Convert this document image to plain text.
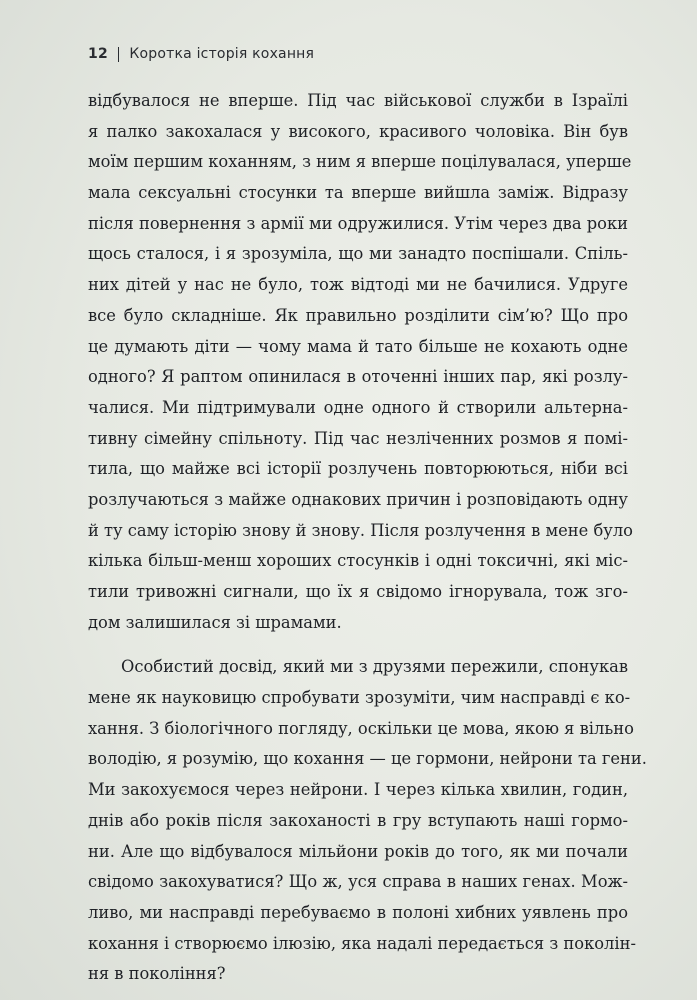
12 Коротка історія кохання
відбувалося не вперше. Під час військової служби в Ізраїлі
я палко закохалася у високого, красивого чоловіка. Він був
моїм першим коханням, з ним я вперше поцілувалася, уперше
мала сексуальні стосунки та вперше вийшла заміж. Відразу
після повернення з армії ми одружилися. Утім через два роки
щось сталося, і я зрозуміла, що ми занадто поспішали. Спіль-
них дітей у нас не було, тож відтоді ми не бачилися. Удруге
все було складніше. Як правильно розділити сім’ю? Що про
це думають діти — чому мама й тато більше не кохають одне
одного? Я раптом опинилася в оточенні інших пар, які розлу-
чалися. Ми підтримували одне одного й створили альтерна-
тивну сімейну спільноту. Під час незліченних розмов я помі-
тила, що майже всі історії розлучень повторюються, ніби всі
розлучаються з майже однакових причин і розповідають одну
й ту саму історію знову й знову. Після розлучення в мене було
кілька більш-менш хороших стосунків і одні токсичні, які міс-
тили тривожні сигнали, що їх я свідомо ігнорувала, тож зго-
дом залишилася зі шрамами.
Особистий досвід, який ми з друзями пережили, спонукав
мене як науковицю спробувати зрозуміти, чим насправді є ко-
хання. З біологічного погляду, оскільки це мова, якою я вільно
володію, я розумію, що кохання — це гормони, нейрони та гени.
Ми закохуємося через нейрони. І через кілька хвилин, годин,
днів або років після закоханості в гру вступають наші гормо-
ни. Але що відбувалося мільйони років до того, як ми почали
свідомо закохуватися? Що ж, уся справа в наших генах. Мож-
ливо, ми насправді перебуваємо в полоні хибних уявлень про
кохання і створюємо ілюзію, яка надалі передається з поколін-
ня в покоління?
